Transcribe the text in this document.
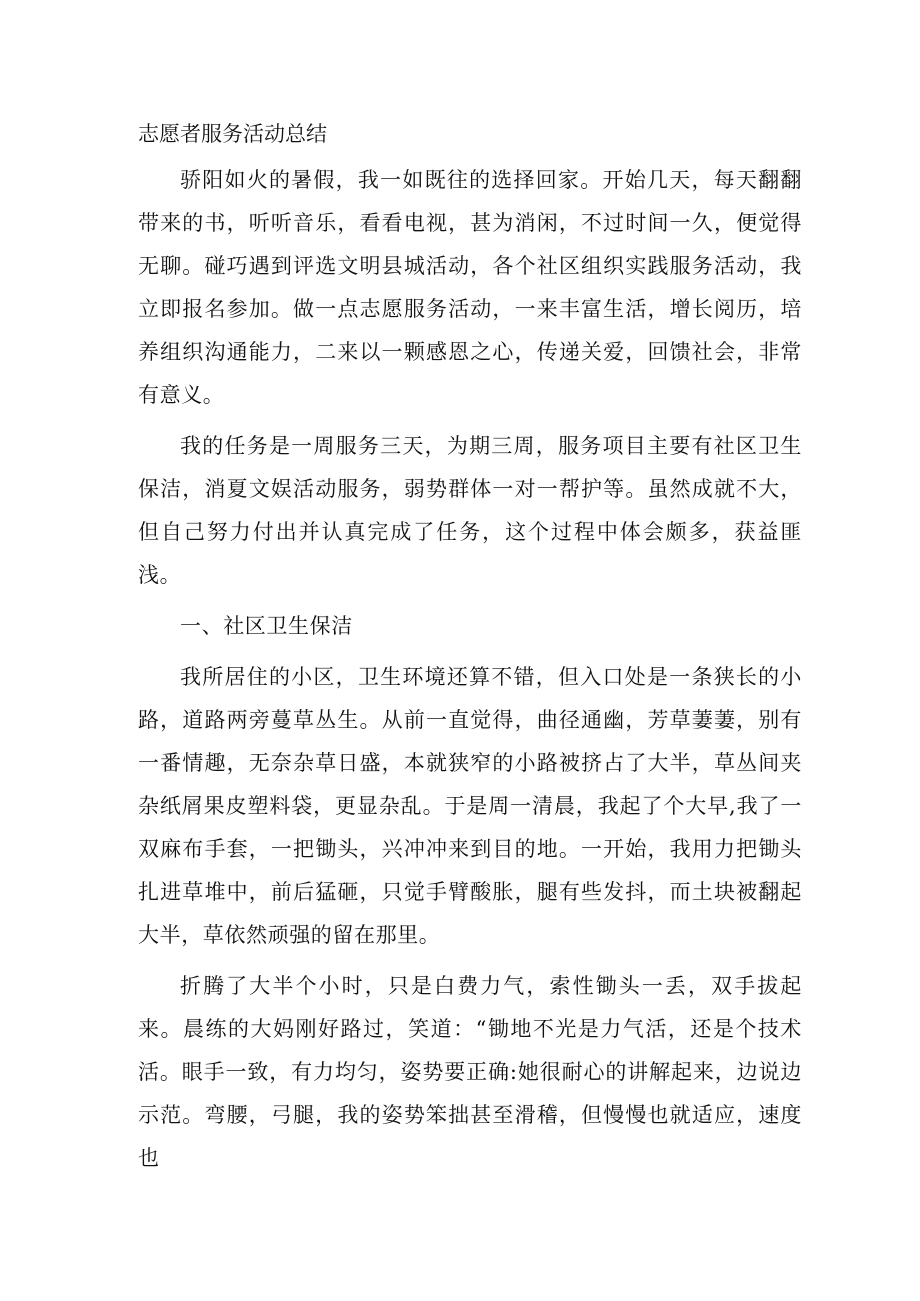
志愿者服务活动总结

骄阳如火的暑假，我一如既往的选择回家。开始几天，每天翻翻带来的书，听听音乐，看看电视，甚为消闲，不过时间一久，便觉得无聊。碰巧遇到评选文明县城活动，各个社区组织实践服务活动，我立即报名参加。做一点志愿服务活动，一来丰富生活，增长阅历，培养组织沟通能力，二来以一颗感恩之心，传递关爱，回馈社会，非常有意义。

我的任务是一周服务三天，为期三周，服务项目主要有社区卫生保洁，消夏文娱活动服务，弱势群体一对一帮护等。虽然成就不大，但自己努力付出并认真完成了任务，这个过程中体会颇多，获益匪浅。

一、社区卫生保洁

我所居住的小区，卫生环境还算不错，但入口处是一条狭长的小路，道路两旁蔓草丛生。从前一直觉得，曲径通幽，芳草萋萋，别有一番情趣，无奈杂草日盛，本就狭窄的小路被挤占了大半，草丛间夹杂纸屑果皮塑料袋，更显杂乱。于是周一清晨，我起了个大早,我了一双麻布手套，一把锄头，兴冲冲来到目的地。一开始，我用力把锄头扎进草堆中，前后猛砸，只觉手臂酸胀，腿有些发抖，而土块被翻起大半，草依然顽强的留在那里。

折腾了大半个小时，只是白费力气，索性锄头一丢，双手拔起来。晨练的大妈刚好路过，笑道：“锄地不光是力气活，还是个技术活。眼手一致，有力均匀，姿势要正确:她很耐心的讲解起来，边说边示范。弯腰，弓腿，我的姿势笨拙甚至滑稽，但慢慢也就适应，速度也
